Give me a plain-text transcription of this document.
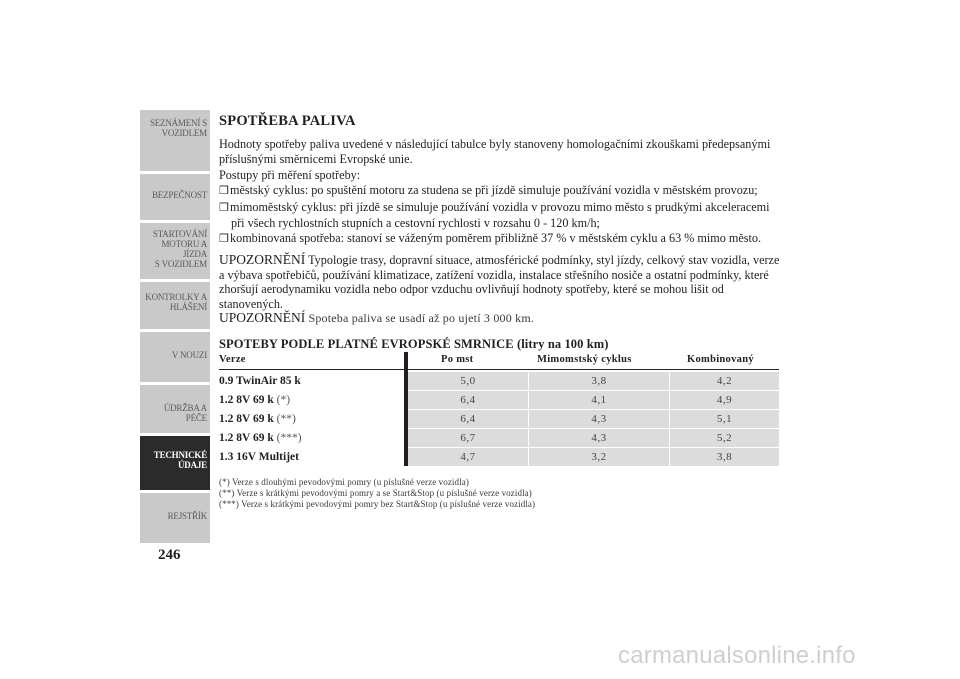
SEZNÁMENÍ S
VOZIDLEM
BEZPEČNOST
STARTOVÁNÍ
MOTORU A JÍZDA
S VOZIDLEM
KONTROLKY A
HLÁŠENÍ
V NOUZI
ÚDRŽBA A PÉČE
TECHNICKÉ
ÚDAJE
REJSTŘÍK
246
SPOTŘEBA PALIVA
Hodnoty spotřeby paliva uvedené v následující tabulce byly stanoveny homologačními zkouškami předepsanými příslušnými směrnicemi Evropské unie.
Postupy při měření spotřeby:
❒městský cyklus: po spuštění motoru za studena se při jízdě simuluje používání vozidla v městském provozu;
❒mimoměstský cyklus: při jízdě se simuluje používání vozidla v provozu mimo město s prudkými akceleracemi
při všech rychlostních stupních a cestovní rychlosti v rozsahu 0 - 120 km/h;
❒kombinovaná spotřeba: stanoví se váženým poměrem přibližně 37 % v městském cyklu a 63 % mimo město.
UPOZORNĚNÍ Typologie trasy, dopravní situace, atmosférické podmínky, styl jízdy, celkový stav vozidla, verze a výbava spotřebičů, používání klimatizace, zatížení vozidla, instalace střešního nosiče a ostatní podmínky, které zhoršují aerodynamiku vozidla nebo odpor vzduchu ovlivňují hodnoty spotřeby, které se mohou lišit od stanovených.
UPOZORNĚNÍ Spoteba paliva se usadí až po ujetí 3 000 km.
SPOTEBY PODLE PLATNÉ EVROPSKÉ SMRNICE (litry na 100 km)
Verze	Po mst	Mimomstský cyklus	Kombinovaný
0.9 TwinAir 85 k	5,0	3,8	4,2
1.2 8V 69 k (*)	6,4	4,1	4,9
1.2 8V 69 k (**)	6,4	4,3	5,1
1.2 8V 69 k (***)	6,7	4,3	5,2
1.3 16V Multijet	4,7	3,2	3,8
(*) Verze s dlouhými pevodovými pomry (u píslušné verze vozidla)
(**) Verze s krátkými pevodovými pomry a se Start&Stop (u píslušné verze vozidla)
(***) Verze s krátkými pevodovými pomry bez Start&Stop (u píslušné verze vozidla)
carmanualsonline.info
